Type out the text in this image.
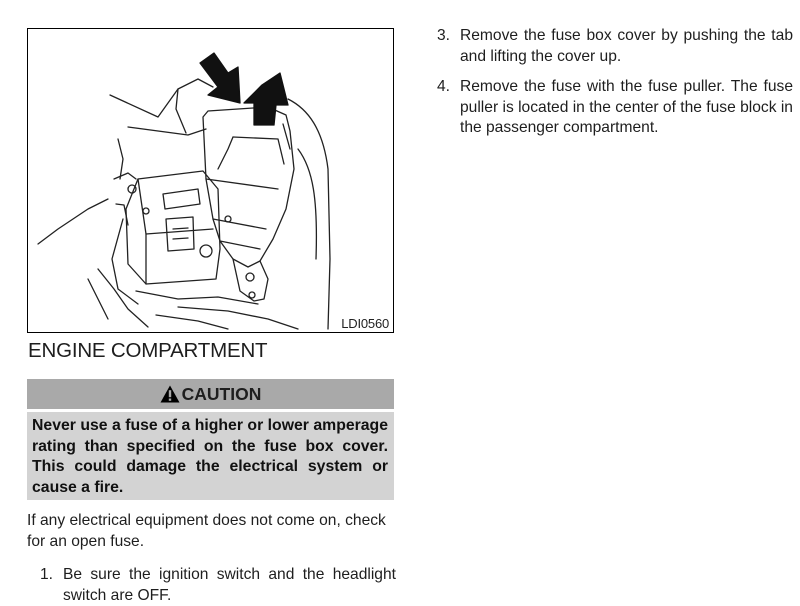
LDI0560
ENGINE COMPARTMENT
CAUTION
Never use a fuse of a higher or lower amperage rating than specified on the fuse box cover. This could damage the electrical system or cause a fire.

If any electrical equipment does not come on, check for an open fuse.

1. Be sure the ignition switch and the headlight switch are OFF.
3. Remove the fuse box cover by pushing the tab and lifting the cover up.
4. Remove the fuse with the fuse puller. The fuse puller is located in the center of the fuse block in the passenger compartment.
